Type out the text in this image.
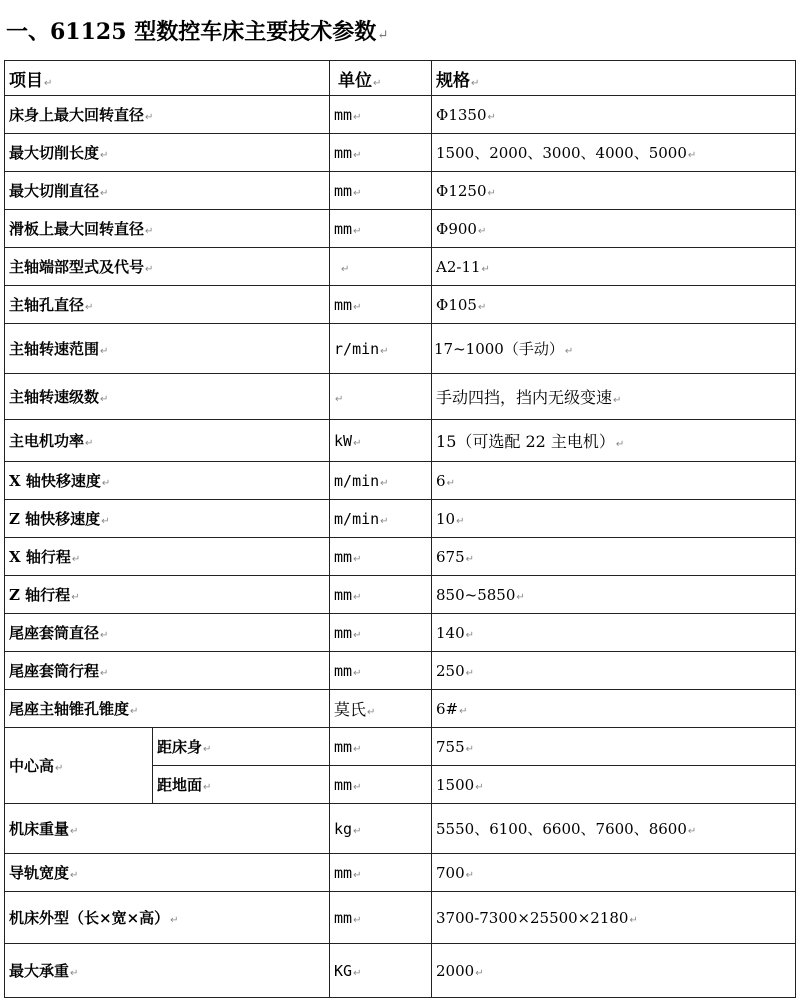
一、61125 型数控车床主要技术参数↵
项目↵		单位↵	规格↵
床身上最大回转直径↵		mm↵	Φ1350↵
最大切削长度↵		mm↵	1500、2000、3000、4000、5000↵
最大切削直径↵		mm↵	Φ1250↵
滑板上最大回转直径↵		mm↵	Φ900↵
主轴端部型式及代号↵		↵	A2-11↵
主轴孔直径↵		mm↵	Φ105↵
主轴转速范围↵		r/min↵	17~1000（手动）↵
主轴转速级数↵		↵	手动四挡，挡内无级变速↵
主电机功率↵		kW↵	15（可选配 22 主电机）↵
X 轴快移速度↵		m/min↵	6↵
Z 轴快移速度↵		m/min↵	10↵
X 轴行程↵		mm↵	675↵
Z 轴行程↵		mm↵	850~5850↵
尾座套筒直径↵		mm↵	140↵
尾座套筒行程↵		mm↵	250↵
尾座主轴锥孔锥度↵		莫氏↵	6#↵
中心高↵	距床身↵	mm↵	755↵
	距地面↵	mm↵	1500↵
机床重量↵		kg↵	5550、6100、6600、7600、8600↵
导轨宽度↵		mm↵	700↵
机床外型（长×宽×高）↵		mm↵	3700-7300×25500×2180↵
最大承重↵		KG↵	2000↵
